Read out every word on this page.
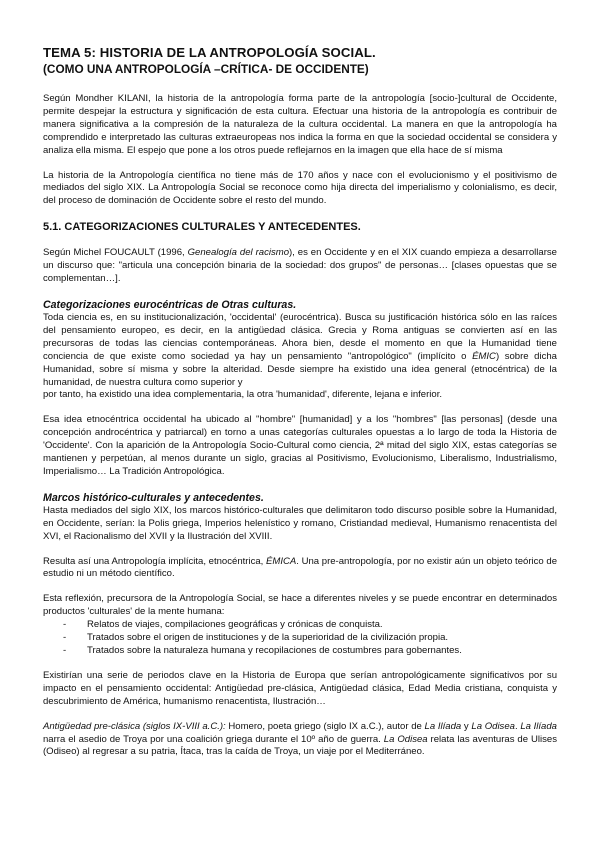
TEMA 5: HISTORIA DE LA ANTROPOLOGÍA SOCIAL.
(COMO UNA ANTROPOLOGÍA –CRÍTICA- DE OCCIDENTE)

Según Mondher KILANI, la historia de la antropología forma parte de la antropología [socio-]cultural de Occidente, permite despejar la estructura y significación de esta cultura. Efectuar una historia de la antropología es contribuir de manera significativa a la compresión de la naturaleza de la cultura occidental. La manera en que la antropología ha comprendido e interpretado las culturas extraeuropeas nos indica la forma en que la sociedad occidental se considera y analiza ella misma. El espejo que pone a los otros puede reflejarnos en la imagen que ella hace de sí misma

La historia de la Antropología científica no tiene más de 170 años y nace con el evolucionismo y el positivismo de mediados del siglo XIX. La Antropología Social se reconoce como hija directa del imperialismo y colonialismo, es decir, del proceso de dominación de Occidente sobre el resto del mundo.

5.1. CATEGORIZACIONES CULTURALES Y ANTECEDENTES.

Según Michel FOUCAULT (1996, Genealogía del racismo), es en Occidente y en el XIX cuando empieza a desarrollarse un discurso que: "articula una concepción binaria de la sociedad: dos grupos" de personas… [clases opuestas que se complementan…].

Categorizaciones eurocéntricas de Otras culturas.

Toda ciencia es, en su institucionalización, 'occidental' (eurocéntrica). Busca su justificación histórica sólo en las raíces del pensamiento europeo, es decir, en la antigüedad clásica. Grecia y Roma antiguas se convierten así en las precursoras de todas las ciencias contemporáneas. Ahora bien, desde el momento en que la Humanidad tiene conciencia de que existe como sociedad ya hay un pensamiento "antropológico" (implícito o ÉMIC) sobre dicha Humanidad, sobre sí misma y sobre la alteridad. Desde siempre ha existido una idea general (etnocéntrica) de la humanidad, de nuestra cultura como superior y

por tanto, ha existido una idea complementaria, la otra 'humanidad', diferente, lejana e inferior.

Esa idea etnocéntrica occidental ha ubicado al "hombre" [humanidad] y a los "hombres" [las personas] (desde una concepción androcéntrica y patriarcal) en torno a unas categorías culturales opuestas a lo largo de toda la Historia de 'Occidente'. Con la aparición de la Antropología Socio-Cultural como ciencia, 2ª mitad del siglo XIX, estas categorías se mantienen y perpetúan, al menos durante un siglo, gracias al Positivismo, Evolucionismo, Liberalismo, Industrialismo, Imperialismo… La Tradición Antropológica.

Marcos histórico-culturales y antecedentes.

Hasta mediados del siglo XIX, los marcos histórico-culturales que delimitaron todo discurso posible sobre la Humanidad, en Occidente, serían: la Polis griega, Imperios helenístico y romano, Cristiandad medieval, Humanismo renacentista del XVI, el Racionalismo del XVII y la Ilustración del XVIII.

Resulta así una Antropología implícita, etnocéntrica, ÉMICA. Una pre-antropología, por no existir aún un objeto teórico de estudio ni un método científico.

Esta reflexión, precursora de la Antropología Social, se hace a diferentes niveles y se puede encontrar en determinados productos 'culturales' de la mente humana:

- Relatos de viajes, compilaciones geográficas y crónicas de conquista.
- Tratados sobre el origen de instituciones y de la superioridad de la civilización propia.
- Tratados sobre la naturaleza humana y recopilaciones de costumbres para gobernantes.

Existirían una serie de periodos clave en la Historia de Europa que serían antropológicamente significativos por su impacto en el pensamiento occidental: Antigüedad pre-clásica, Antigüedad clásica, Edad Media cristiana, conquista y descubrimiento de América, humanismo renacentista, Ilustración…

Antigüedad pre-clásica (siglos IX-VIII a.C.): Homero, poeta griego (siglo IX a.C.), autor de La Ilíada y La Odisea. La Ilíada narra el asedio de Troya por una coalición griega durante el 10º año de guerra. La Odisea relata las aventuras de Ulises (Odiseo) al regresar a su patria, Ítaca, tras la caída de Troya, un viaje por el Mediterráneo.
